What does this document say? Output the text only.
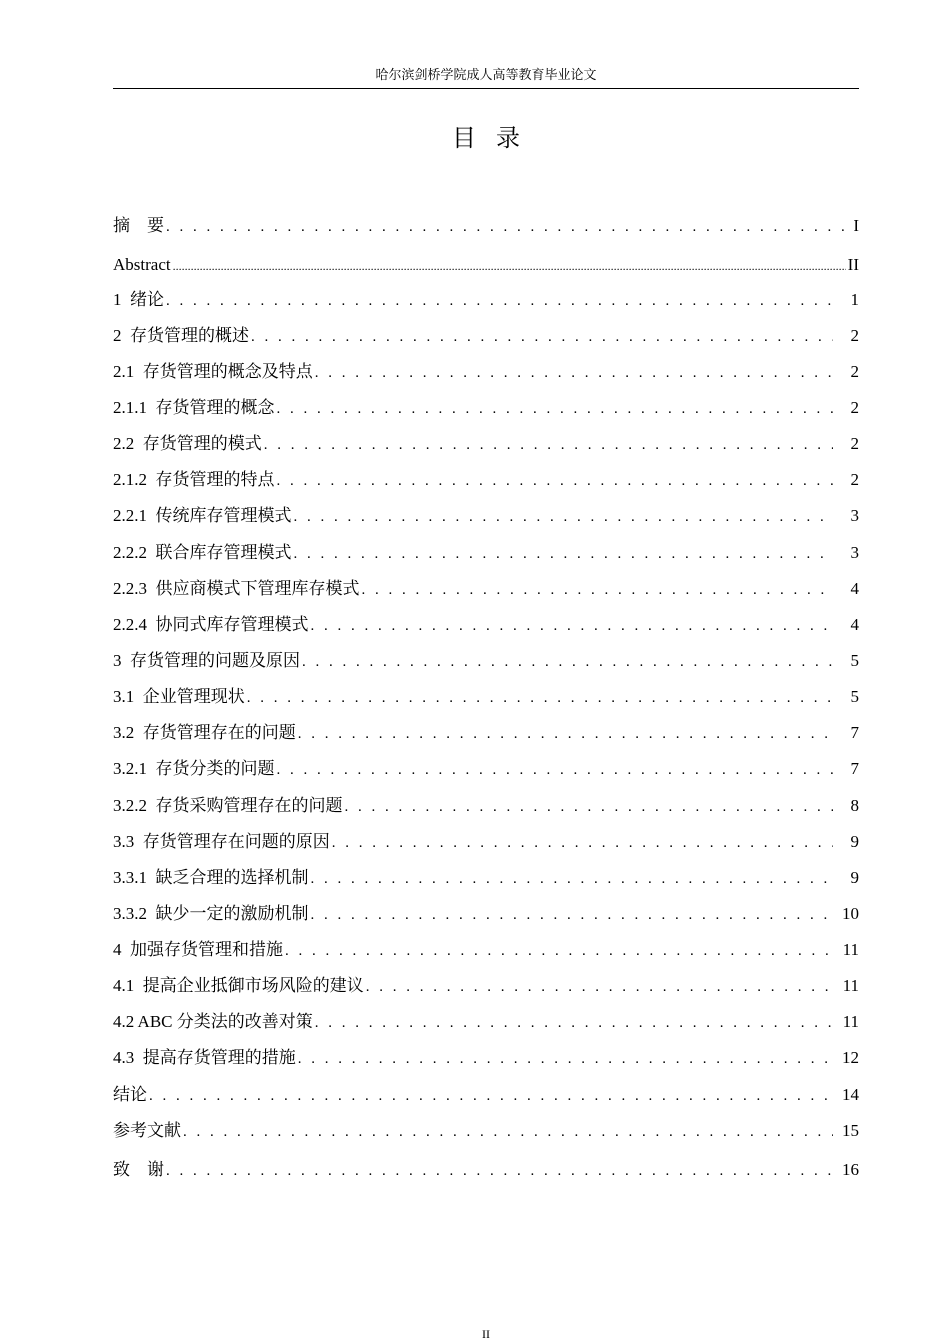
哈尔滨剑桥学院成人高等教育毕业论文
目录
摘    要 . . .	I
Abstract .....	II
1  绪论 . . .	1
2  存货管理的概述 . . .	2
2.1  存货管理的概念及特点 . . .	2
2.1.1  存货管理的概念 . . .	2
2.2  存货管理的模式 . . .	2
2.1.2  存货管理的特点 . . .	2
2.2.1  传统库存管理模式 . . .	3
2.2.2  联合库存管理模式 . . .	3
2.2.3  供应商模式下管理库存模式 . . .	4
2.2.4  协同式库存管理模式 . . .	4
3  存货管理的问题及原因 . . .	5
3.1  企业管理现状 . . .	5
3.2  存货管理存在的问题 . . .	7
3.2.1  存货分类的问题 . . .	7
3.2.2  存货采购管理存在的问题 . . .	8
3.3  存货管理存在问题的原因 . . .	9
3.3.1  缺乏合理的选择机制 . . .	9
3.3.2  缺少一定的激励机制 . . .	10
4  加强存货管理和措施 . . .	11
4.1  提高企业抵御市场风险的建议 . . .	11
4.2 ABC 分类法的改善对策 . . .	11
4.3  提高存货管理的措施 . . .	12
结论 . . .	14
参考文献 . . .	15
致    谢 . . .	16
II
